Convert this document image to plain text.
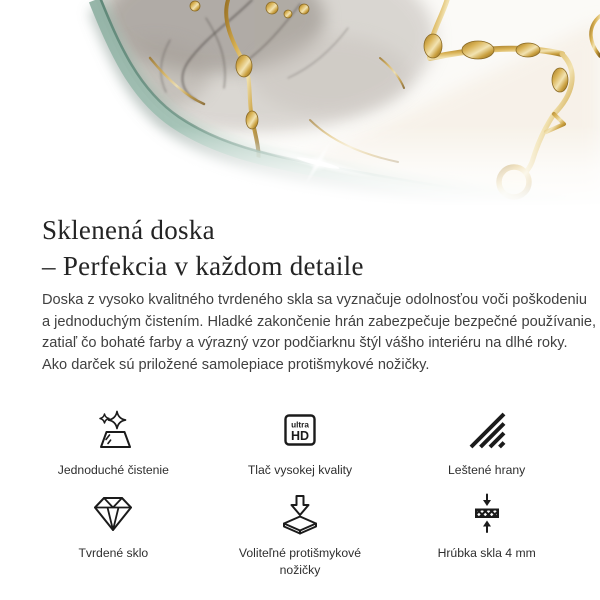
Sklenená doska
– Perfekcia v každom detaile
Doska z vysoko kvalitného tvrdeného skla sa vyznačuje odolnosťou voči poškodeniu
a jednoduchým čistením. Hladké zakončenie hrán zabezpečuje bezpečné používanie,
zatiaľ čo bohaté farby a výrazný vzor podčiarknu štýl vášho interiéru na dlhé roky.
Ako darček sú priložené samolepiace protišmykové nožičky.
Jednoduché čistenie
ultra
HD
Tlač vysokej kvality	Leštené hrany
Tvrdené sklo	Voliteľné protišmykové nožičky
Hrúbka skla 4 mm
